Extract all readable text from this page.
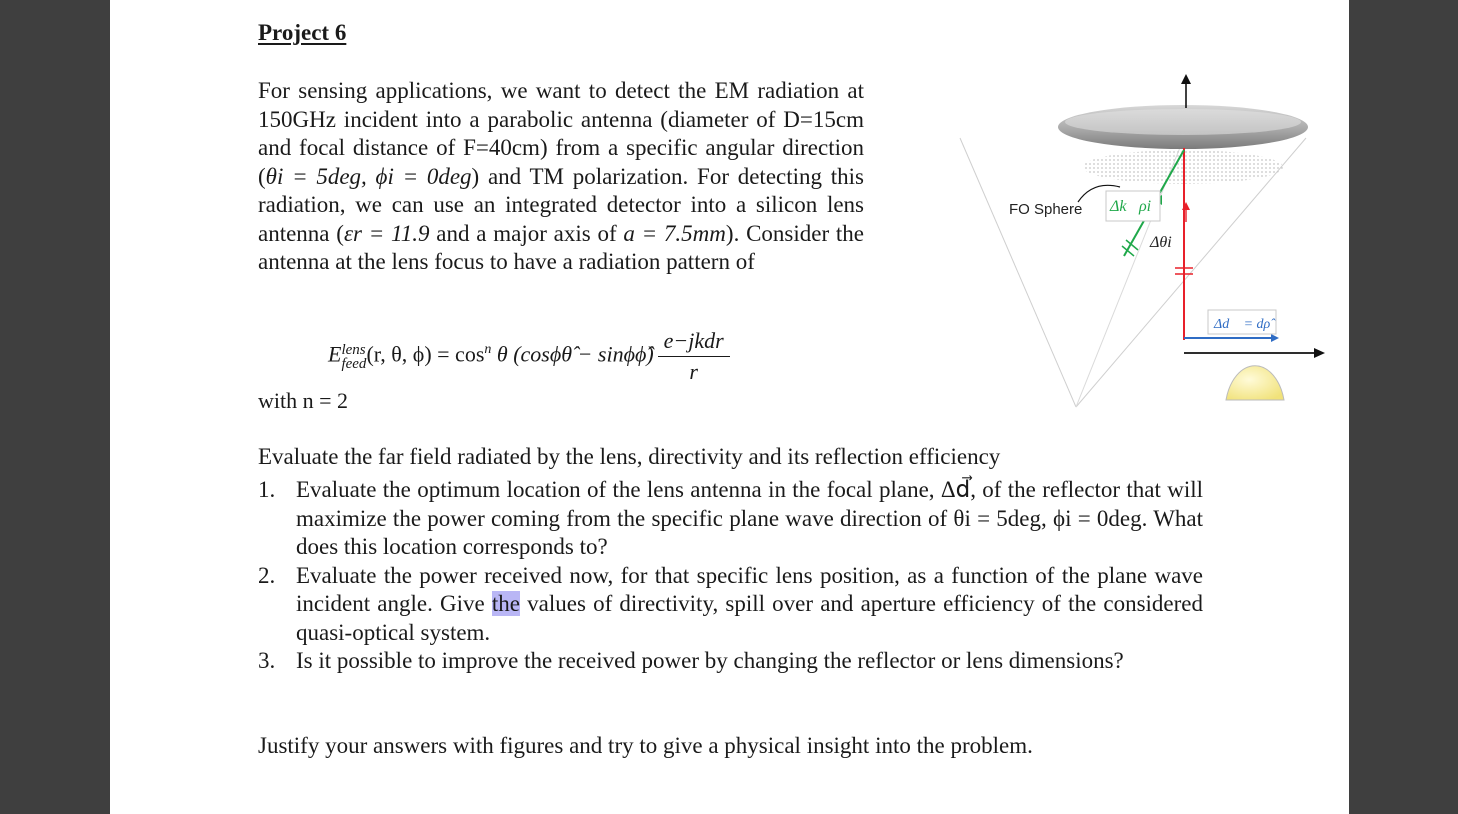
Project 6
For sensing applications, we want to detect the EM radiation at 150GHz incident into a parabolic antenna (diameter of D=15cm and focal distance of F=40cm) from a specific angular direction (θi = 5deg, ϕi = 0deg) and TM polarization. For detecting this radiation, we can use an integrated detector into a silicon lens antenna (εr = 11.9 and a major axis of a = 7.5mm). Consider the antenna at the lens focus to have a radiation pattern of
E lens
feed (r, θ, $\phi) = \cos^n \theta$ (cosϕθ̂ − sinϕϕ̂) $\frac{\text{e−jkdr}}{r}$
with n = 2
Evaluate the far field radiated by the lens, directivity and its reflection efficiency
1. Evaluate the optimum location of the lens antenna in the focal plane, Δd⃗, of the reflector that will maximize the power coming from the specific plane wave direction of θi = 5deg, ϕi = 0deg. What does this location corresponds to?
2. Evaluate the power received now, for that specific lens position, as a function of the plane wave incident angle. Give the values of directivity, spill over and aperture efficiency of the considered quasi-optical system.
3. Is it possible to improve the received power by changing the reflector or lens dimensions?
Justify your answers with figures and try to give a physical insight into the problem.
FO Sphere Δk⃗ρi
Δθi
Δd⃗ = dρ̂
